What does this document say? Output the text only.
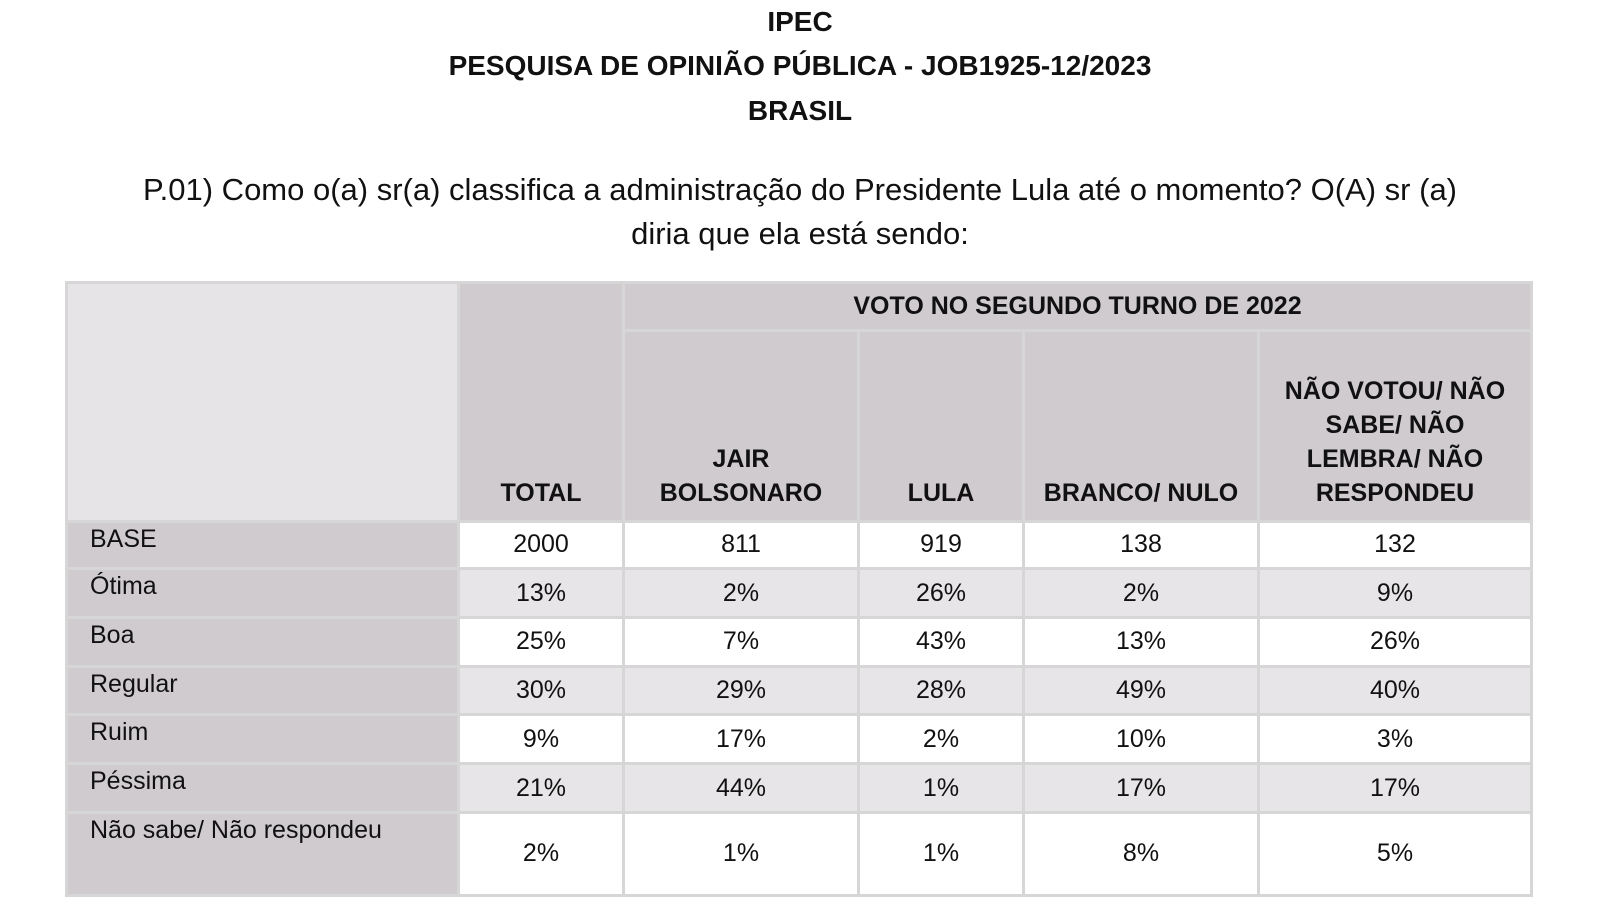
IPEC
PESQUISA DE OPINIÃO PÚBLICA - JOB1925-12/2023
BRASIL
P.01) Como o(a) sr(a) classifica a administração do Presidente Lula até o momento? O(A) sr (a) diria que ela está sendo:
	TOTAL	VOTO NO SEGUNDO TURNO DE 2022			
		JAIR BOLSONARO	LULA	BRANCO/ NULO	NÃO VOTOU/ NÃO SABE/ NÃO LEMBRA/ NÃO RESPONDEU
BASE	2000	811	919	138	132
Ótima	13%	2%	26%	2%	9%
Boa	25%	7%	43%	13%	26%
Regular	30%	29%	28%	49%	40%
Ruim	9%	17%	2%	10%	3%
Péssima	21%	44%	1%	17%	17%
Não sabe/ Não respondeu	2%	1%	1%	8%	5%
